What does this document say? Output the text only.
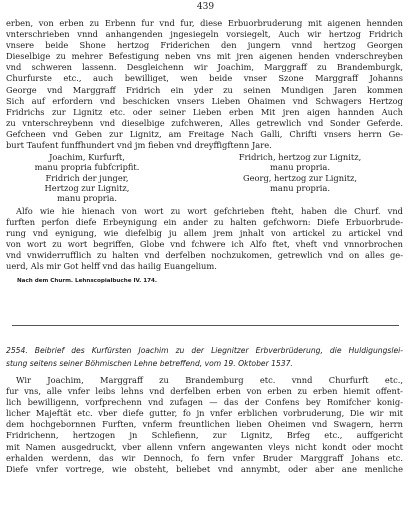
439
erben, von erben zu Erbenn fur vnd fur, diese Erbuorbruderung mit aigenen hennden
vnterschrieben vnnd anhangenden jngesiegeln vorsiegelt, Auch wir hertzog Fridrich
vnsere beide Shone hertzog Friderichen den jungern vnnd hertzog Georgen
Dieselbige zu mehrer Befestigung neben vns mit jren aigenen henden vnderschreyben
vnd schweren lassenn. Desgleichenn wir Joachim, Marggraff zu Brandemburgk,
Churfurste etc., auch bewilliget, wen beide vnser Szone Marggraff Johanns
George vnd Marggraff Fridrich ein yder zu seinen Mundigen Jaren kommen
Sich auf erfordern vnd beschicken vnsers Lieben Ohaimen vnd Schwagers Hertzog
Fridrichs zur Lignitz etc. oder seiner Lieben erben Mit jren aigen hannden Auch
zu vnterschreybenn vnd dieselbige zufchweren, Alles getrewlich vnd Sonder Geferde.
Gefcheen vnd Geben zur Lignitz, am Freitage Nach Galli, Chrifti vnsers herrn Ge-
burt Taufent funffhundert vnd jm fieben vnd dreyffigftenn Jare.
Joachim, Kurfurft,
manu propria fubfcripfit.
Fridrich der junger,
Hertzog zur Lignitz,
manu propria.
Fridrich, hertzog zur Lignitz,
manu propria.
Georg, hertzog zur Lignitz,
manu propria.
Alfo wie hie hienach von wort zu wort gefchrieben fteht, haben die Churf. vnd
furften perfon diefe Erbeynigung ein ander zu halten gefchworn: Diefe Erbuorbrude-
rung vnd eynigung, wie diefelbig ju allem jrem jnhalt von artickel zu artickel vnd
von wort zu wort begriffen, Globe vnd fchwere ich Alfo ftet, vheft vnd vnnorbrochen
vnd vnwiderrufflich zu halten vnd derfelben nochzukomen, getrewlich vnd on alles ge-
uerd, Als mir Got helff vnd das hailig Euangelium.
Nach dem Churm. Lehnscopialbuche IV. 174.
2554. Beibrief des Kurfürsten Joachim zu der Liegnitzer Erbverbrüderung, die Huldigungslei-
stung seitens seiner Böhmischen Lehne betreffend, vom 19. Oktober 1537.
Wir Joachim, Marggraff zu Brandemburg etc. vnnd Churfurft etc.,
fur vns, alle vnfer leibs lehns vnd derfelben erben von erben zu erben hiemit offent-
lich bewilligenn, vorfprechenn vnd zufagen — das der Confens bey Romifcher konig-
licher Majeftät etc. vber diefe gutter, fo jn vnfer erblichen vorbruderung, Die wir mit
dem hochgebornnen Furften, vnferm freuntlichen lieben Oheimen vnd Swagern, herrn
Fridrichenn, hertzogen jn Schlefienn, zur Lignitz, Brfeg etc., auffgericht
mit Namen ausgedruckt, vber allenn vnfern angewanten vleys nicht kondt oder mocht
erhalden werdenn, das wir Dennoch, fo fern vnfer Bruder Marggraff Johans etc.
Diefe vnfer vortrege, wie obsteht, beliebet vnd annymbt, oder aber ane menliche
